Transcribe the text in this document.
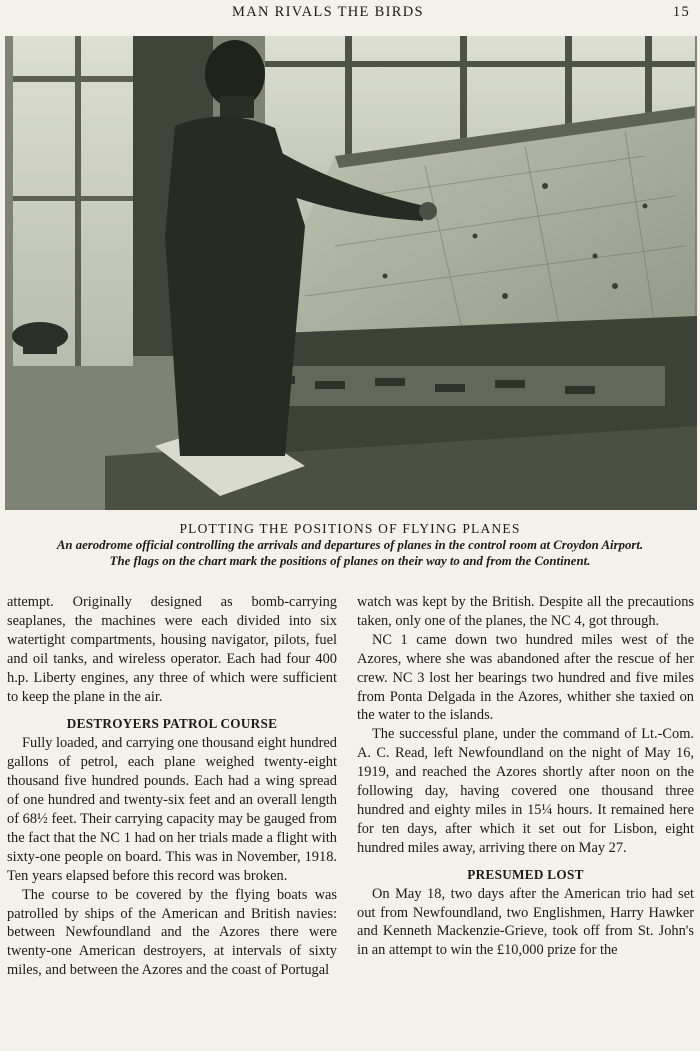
MAN RIVALS THE BIRDS	15
PLOTTING THE POSITIONS OF FLYING PLANES
An aerodrome official controlling the arrivals and departures of planes in the control room at Croydon Airport.
The flags on the chart mark the positions of planes on their way to and from the Continent.

attempt. Originally designed as bomb-carrying seaplanes, the machines were each divided into six watertight compartments, housing navigator, pilots, fuel and oil tanks, and wireless operator. Each had four 400 h.p. Liberty engines, any three of which were sufficient to keep the plane in the air.

DESTROYERS PATROL COURSE

Fully loaded, and carrying one thousand eight hundred gallons of petrol, each plane weighed twenty-eight thousand five hundred pounds. Each had a wing spread of one hundred and twenty-six feet and an overall length of 68½ feet. Their carrying capacity may be gauged from the fact that the NC 1 had on her trials made a flight with sixty-one people on board. This was in November, 1918. Ten years elapsed before this record was broken.

The course to be covered by the flying boats was patrolled by ships of the American and British navies: between Newfoundland and the Azores there were twenty-one American destroyers, at intervals of sixty miles, and between the Azores and the coast of Portugal

watch was kept by the British. Despite all the precautions taken, only one of the planes, the NC 4, got through.

NC 1 came down two hundred miles west of the Azores, where she was abandoned after the rescue of her crew. NC 3 lost her bearings two hundred and five miles from Ponta Delgada in the Azores, whither she taxied on the water to the islands.

The successful plane, under the command of Lt.-Com. A. C. Read, left Newfoundland on the night of May 16, 1919, and reached the Azores shortly after noon on the following day, having covered one thousand three hundred and eighty miles in 15¼ hours. It remained here for ten days, after which it set out for Lisbon, eight hundred miles away, arriving there on May 27.

PRESUMED LOST

On May 18, two days after the American trio had set out from Newfoundland, two Englishmen, Harry Hawker and Kenneth Mackenzie-Grieve, took off from St. John's in an attempt to win the £10,000 prize for the
